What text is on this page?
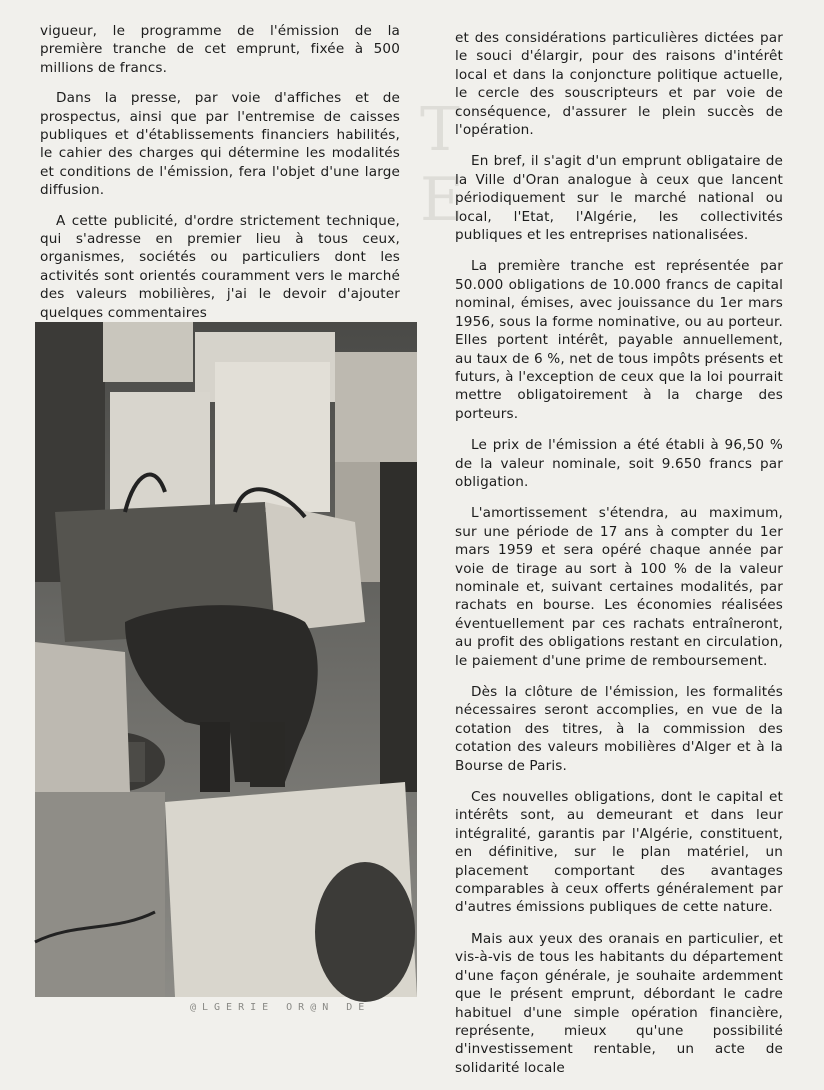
T
E

vigueur, le programme de l'émission de la première tranche de cet emprunt, fixée à 500 millions de francs.

Dans la presse, par voie d'affiches et de prospectus, ainsi que par l'entremise de caisses publiques et d'établissements financiers habilités, le cahier des charges qui détermine les modalités et conditions de l'émission, fera l'objet d'une large diffusion.

A cette publicité, d'ordre strictement technique, qui s'adresse en premier lieu à tous ceux, organismes, sociétés ou particuliers dont les activités sont orientés couramment vers le marché des valeurs mobilières, j'ai le devoir d'ajouter quelques commentaires

et des considérations particulières dictées par le souci d'élargir, pour des raisons d'intérêt local et dans la conjoncture politique actuelle, le cercle des souscripteurs et par voie de conséquence, d'assurer le plein succès de l'opération.

En bref, il s'agit d'un emprunt obligataire de la Ville d'Oran analogue à ceux que lancent périodiquement sur le marché national ou local, l'Etat, l'Algérie, les collectivités publiques et les entreprises nationalisées.

La première tranche est représentée par 50.000 obligations de 10.000 francs de capital nominal, émises, avec jouissance du 1er mars 1956, sous la forme nominative, ou au porteur. Elles portent intérêt, payable annuellement, au taux de 6 %, net de tous impôts présents et futurs, à l'exception de ceux que la loi pourrait mettre obligatoirement à la charge des porteurs.

Le prix de l'émission a été établi à 96,50 % de la valeur nominale, soit 9.650 francs par obligation.

L'amortissement s'étendra, au maximum, sur une période de 17 ans à compter du 1er mars 1959 et sera opéré chaque année par voie de tirage au sort à 100 % de la valeur nominale et, suivant certaines modalités, par rachats en bourse. Les économies réalisées éventuellement par ces rachats entraîneront, au profit des obligations restant en circulation, le paiement d'une prime de remboursement.

Dès la clôture de l'émission, les formalités nécessaires seront accomplies, en vue de la cotation des titres, à la commission des cotation des valeurs mobilières d'Alger et à la Bourse de Paris.

Ces nouvelles obligations, dont le capital et intérêts sont, au demeurant et dans leur intégralité, garantis par l'Algérie, constituent, en définitive, sur le plan matériel, un placement comportant des avantages comparables à ceux offerts généralement par d'autres émissions publiques de cette nature.

Mais aux yeux des oranais en particulier, et vis-à-vis de tous les habitants du département d'une façon générale, je souhaite ardemment que le présent emprunt, débordant le cadre habituel d'une simple opération financière, représente, mieux qu'une possibilité d'investissement rentable, un acte de solidarité locale

@LGERIE OR@N DE
